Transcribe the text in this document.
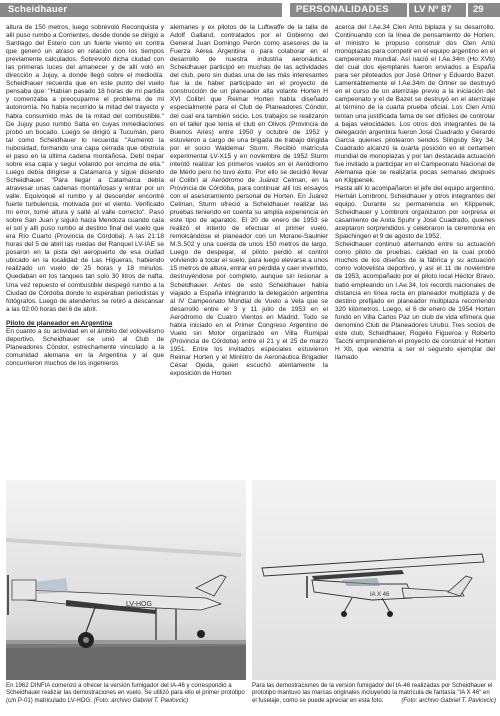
Scheidhauer	PERSONALIDADES	LV Nº 87 29

altura de 150 metros, luego sobrevoló Reconquista y allí puso rumbo a Corrientes, desde donde se dirigió a Santiago del Estero con un fuerte viento en contra que generó un atraso en relación con los tiempos previamente calculados. Sobrevoló dicha ciudad con las primeras luces del amanecer y de allí voló en dirección a Jujuy, a donde llegó sobre el mediodía. Scheidhauer recuerda que en este punto del vuelo pensaba que: "Habían pasado 18 horas de mi partida y comenzaba a preocuparme el problema de mi autonomía. No había recorrido la mitad del trayecto y había consumido más de la mitad del combustible." De Jujuy puso rumbo Salta en cuyas inmediaciones probó un bocado. Luego se dirigió a Tucumán, pero tal como Scheidhauer lo recuerda: "Aumentó la nubosidad, formando una capa cerrada que obstruía el paso en la última cadena montañosa. Debí trepar sobre esa capa y seguí volando por encima de ella." Luego debía dirigirse a Catamarca y sigue diciendo Scheidhauer: "Para llegar a Catamarca debía atravesar unas cadenas montañosas y entrar por un valle. Equivoqué el rumbo y al descender encontré fuerte turbulencia, motivada por el viento. Verificado mi error, tomé altura y salté al valle correcto". Pasó sobre San Juan y siguió hacia Mendoza cuando caía el sol y allí puso rumbo al destino final del vuelo que era Río Cuarto (Provincia de Córdoba). A las 21:18 horas del 5 de abril las ruedas del Ranquel LV-IAE se posaron en la pista del aeropuerto de esa ciudad ubicado en la localidad de Las Higueras, habiendo realizado un vuelo de 25 horas y 18 minutos. Quedaban en los tanques tan solo 30 litros de nafta. Una vez repuesto el combustible despegó rumbo a la Ciudad de Córdoba donde lo esperaban periodistas y fotógrafos. Luego de atenderlos se retiró a descansar a las 02:00 horas del 6 de abril.

Piloto de planeador en Argentina

En cuanto a su actividad en el ámbito del volovelismo deportivo, Scheidhauer se unió al Club de Planeadores Cóndor, estrechamente vinculado a la comunidad alemana en la Argentina y al que concurrieron muchos de los ingenieros

alemanes y ex pilotos de la Luftwaffe de la talla de Adolf Galland, contratados por el Gobierno del General Juan Domingo Perón como asesores de la Fuerza Aérea Argentina o para colaborar en el desarrollo de nuestra industria aeronáutica. Scheidhauer participó en muchas de las actividades del club, pero sin dudas una de las más interesantes fue la de haber participado en el proyecto de construcción de un planeador alta volante Horten H XVI Colibrí que Reimar Horten había diseñado especialmente para el Club de Planeadores Cóndor, del cual era también socio. Los trabajos se realizaron en el taller que tenía el club en Olivos (Provincia de Buenos Aires) entre 1950 y octubre de 1952 y estuvieron a cargo de una brigada de trabajo dirigida por el socio Waldemar Sturm. Recibió matrícula experimental LV-X15 y en noviembre de 1952 Sturm intentó realizar los primeros vuelos en el Aeródromo de Merlo pero no tuvo éxito. Por ello se decidió llevar el Colibrí al Aeródromo de Juárez Celman, en la Provincia de Córdoba, para continuar allí los ensayos con el asesoramiento personal de Horten. En Juárez Celman, Sturm ofreció a Scheidhauer realizar las pruebas teniendo en cuenta su amplia experiencia en este tipo de aparatos. El 20 de enero de 1953 se realizó el intento de efectuar el primer vuelo, remolcándose el planeador con un Morane-Saulnier M.S.502 y una cuerda de unos 150 metros de largo. Luego de despegar, el piloto perdió el control volviendo a tocar el suelo, para luego elevarse a unos 15 metros de altura, entrar en pérdida y caer invertido, destruyéndose por completo, aunque sin lesionar a Scheidhauer. Antes de esto Scheidhauer había viajado a España integrando la delegación argentina al IV Campeonato Mundial de Vuelo a Vela que se desarrolló entre el 3 y 11 julio de 1953 en el Aeródromo de Cuatro Vientos en Madrid. Todo se había iniciado en el Primer Congreso Argentino de Vuelo sin Motor organizado en Villa Rumipal (Provincia de Córdoba) entre el 21 y el 25 de marzo 1951. Entre los invitados especiales estuvieron Reimar Horten y el Ministro de Aeronáutica Brigadier César Ojeda, quien escuchó atentamente la exposición de Horten

acerca del I.Ae.34 Clen Antú biplaza y su desarrollo. Continuando con la línea de pensamiento de Horten, el ministro le propuso construir dos Clen Antú monoplazas para competir en el equipo argentino en el campeonato mundial. Así nació el I.Ae.34m (Ho XVb) del cual dos ejemplares fueron enviados a España para ser piloteados por José Ortner y Eduardo Bazet. Lamentablemente el I.Ae.34m de Ortner se destruyó en el curso de un aterrizaje previo a la iniciación del campeonato y el de Bazet se destruyó en el aterrizaje al término de la cuarta prueba oficial. Los Clen Antú tenían una justificada fama de ser difíciles de controlar a bajas velocidades. Los otros dos integrantes de la delegación argentina fueron José Cuadrado y Gerardo García quienes pilotearon sendos Slingsby Sky 34. Cuadrado alcanzó la cuarta posición en el certamen mundial de monoplazas y por tan destacada actuación fue invitado a participar en el Campeonato Nacional de Alemania que se realizaría pocas semanas después en Klippenek.

Hasta allí lo acompañaron el jefe del equipo argentino, Hernán Lombroni, Scheidhauer y otros integrantes del equipo. Durante su permanencia en Klippenek, Scheidhauer y Lombroni organizaron por sorpresa el casamiento de Anita Spuhr y José Cuadrado, quienes aceptaron sorprendidos y celebraron la ceremonia en Spaichingen el 9 de agosto de 1952.

Scheidhauer continuó alternando entre su actuación como piloto de pruebas, calidad en la cual probó muchos de los diseños de la fábrica y su actuación como volovelista deportivo, y así el 11 de noviembre de 1953, acompañado por el piloto local Héctor Bravo, batió empleando un I.Ae.34, los records nacionales de distancia en línea recta en planeador multiplaza y de destino prefijado en planeador multiplaza recorriendo 320 kilómetros. Luego, el 6 de enero de 1954 Horten fundó en Villa Carlos Paz un club de vida efímera que denominó Club de Planeadores Urubú. Tres socios de este club, Scheidhauer, Rogelio Figueroa y Roberto Tacchi emprendieron el proyecto de construir el Horten H Xb, que vendría a ser el segundo ejemplar del llamado

LV-HOG
IA X 46
En 1962 DINFIA comenzó a ofrecer la versión fumigador del IA-46 y correspondió a Scheidhauer realizar las demostraciones en vuelo. Se utilizó para ello el primer prototipo (c/n P-01) matriculado LV-HOG. (Foto: archivo Gabriel T. Pavlovcic)
Para las demostraciones de la versión fumigador del IA-46 realizadas por Scheidhauer el prototipo mantuvo las marcas originales incluyendo la matrícula de fantasía "IA X 46" en el fuselaje, como se puede apreciar en esta foto.	(Foto: archivo Gabriel T. Pavlovcic)
